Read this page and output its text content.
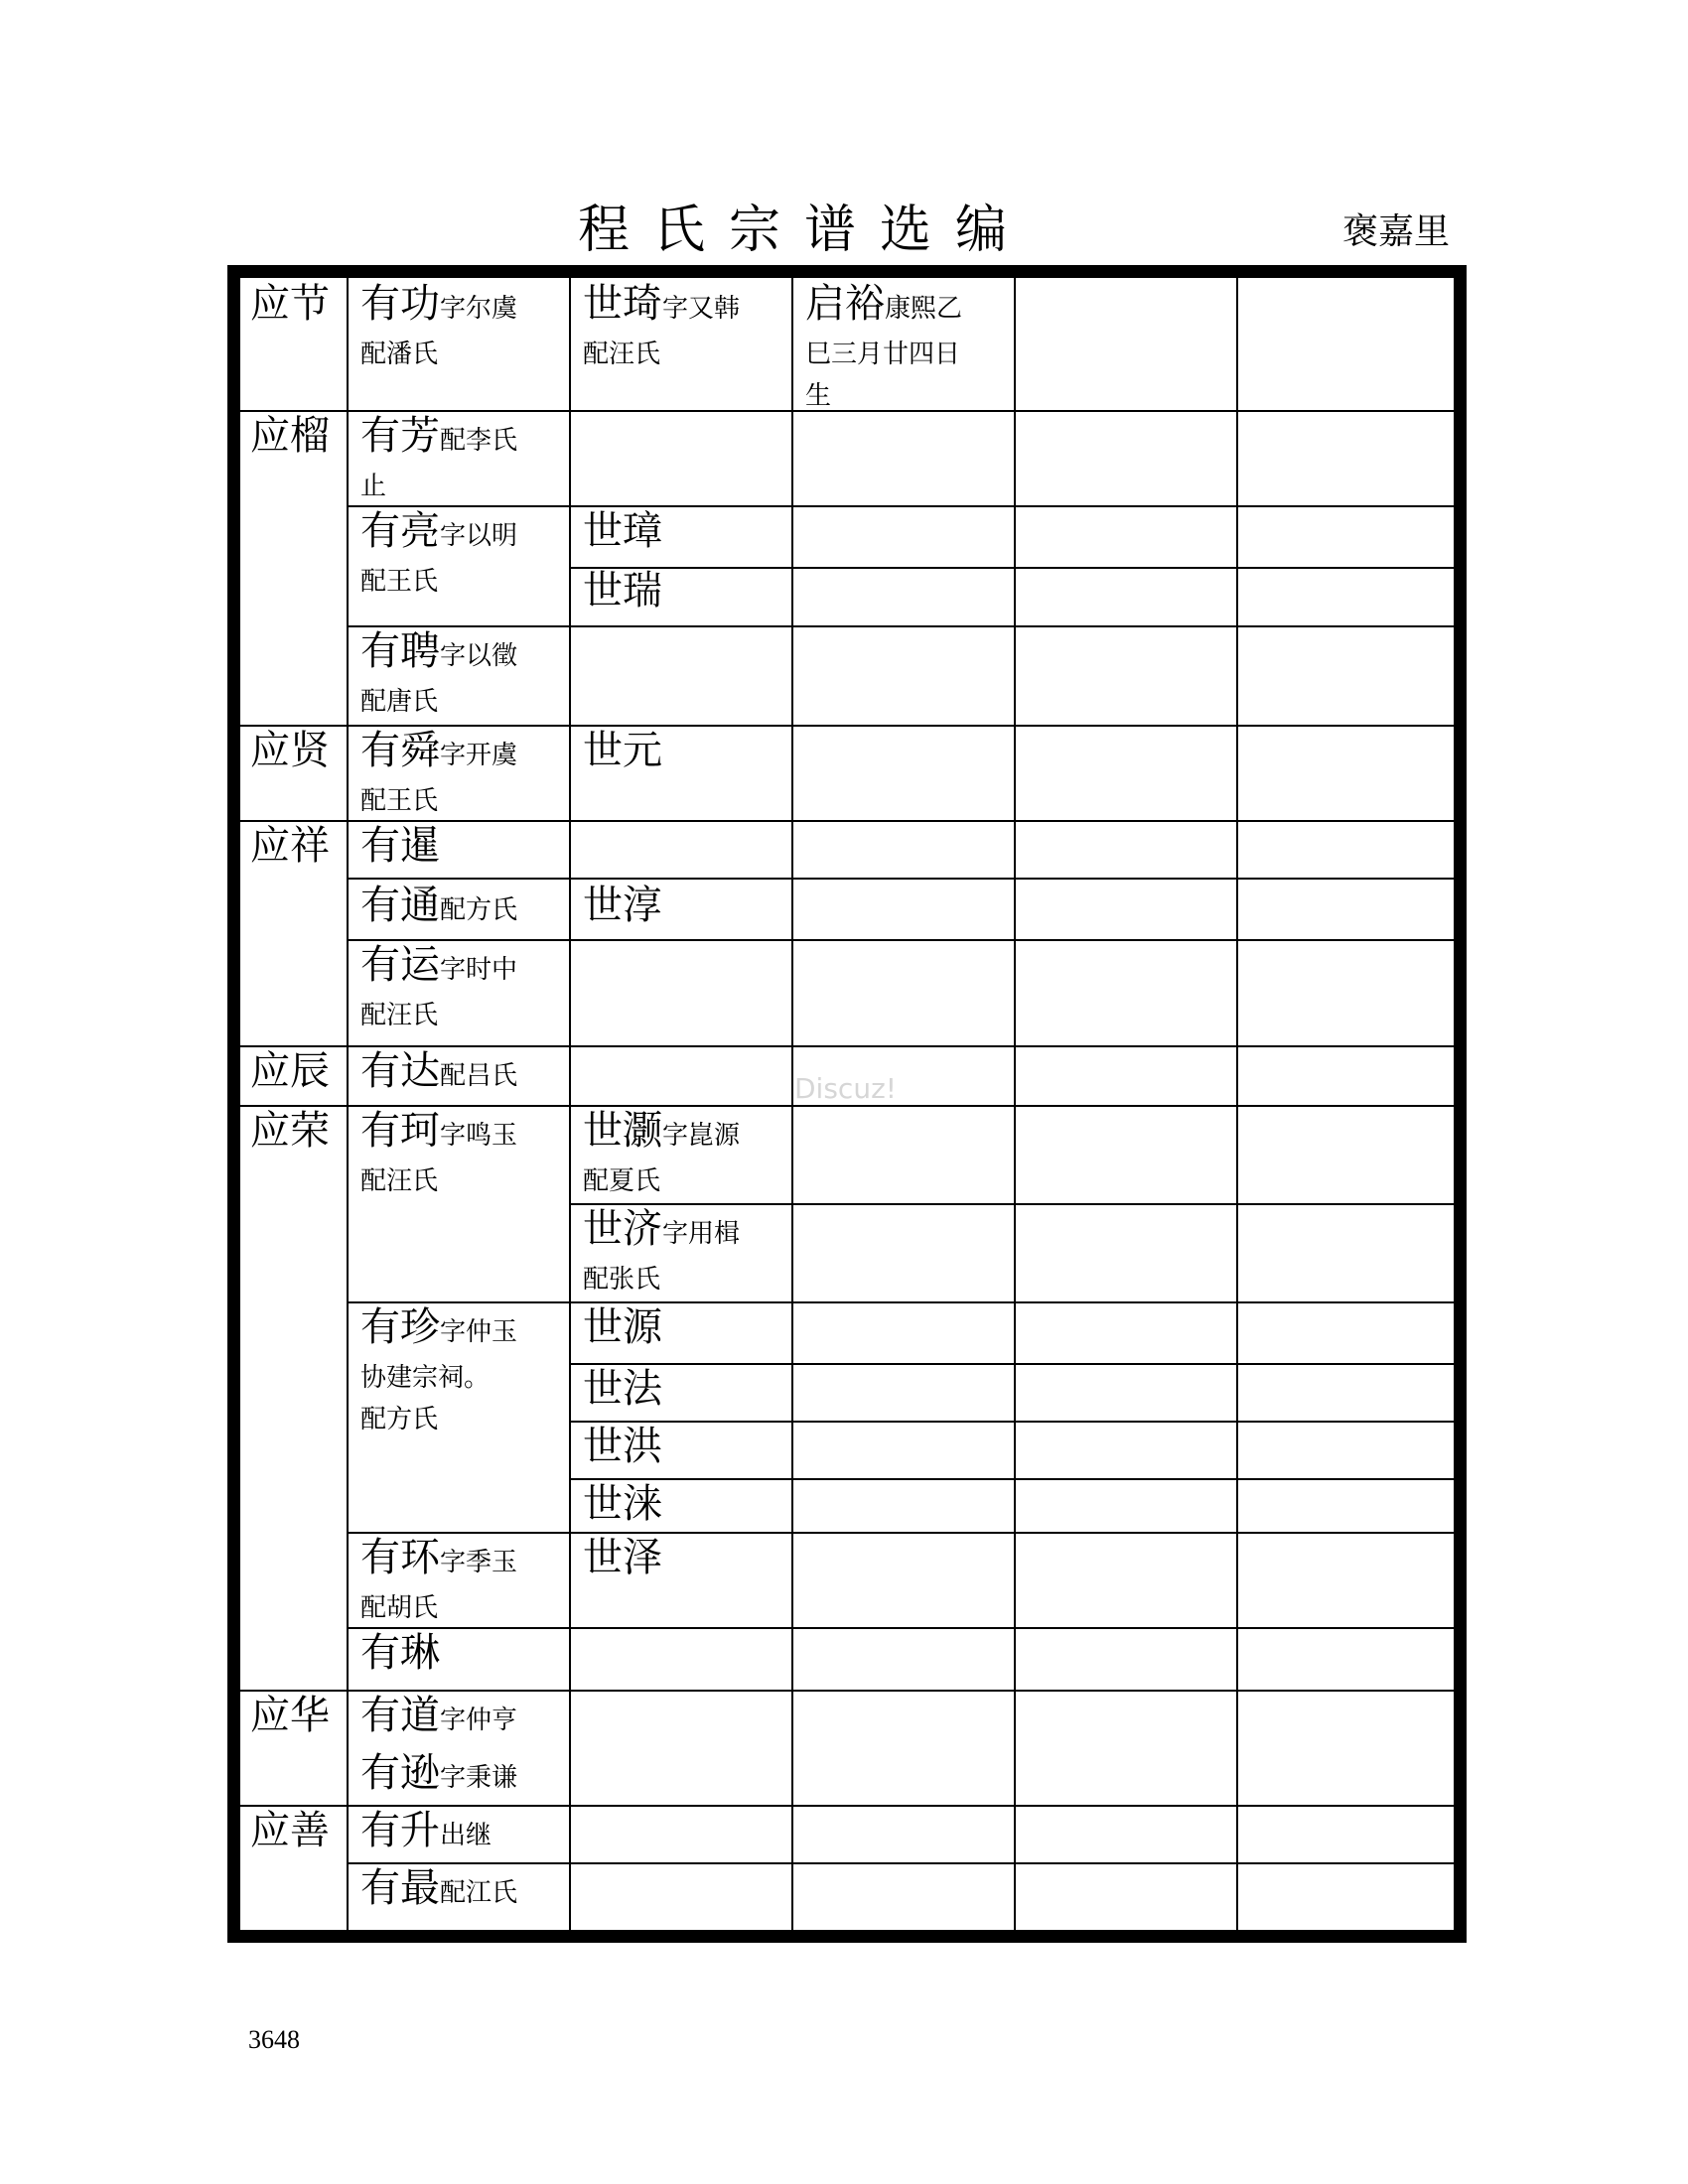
程氏宗谱选编	褒嘉里
应节
应榴
应贤
应祥
应辰
应荣
应华
应善
有功字尔虞
配潘氏
有芳配李氏
止
有亮字以明
配王氏
有聘字以徵
配唐氏
有舜字开虞
配王氏
有暹
有通配方氏
有运字时中
配汪氏
有达配吕氏
有珂字鸣玉
配汪氏
有珍字仲玉
协建宗祠。
配方氏
有环字季玉
配胡氏
有琳
有道字仲亨
有逊字秉谦
有升出继
有最配江氏
世琦字又韩
配汪氏
世璋
世瑞
世元
世淳
世灏字崑源
配夏氏
世济字用楫
配张氏
世源
世法
世洪
世涞
世泽
启裕康熙乙
巳三月廿四日
生
Discuz!
3648
